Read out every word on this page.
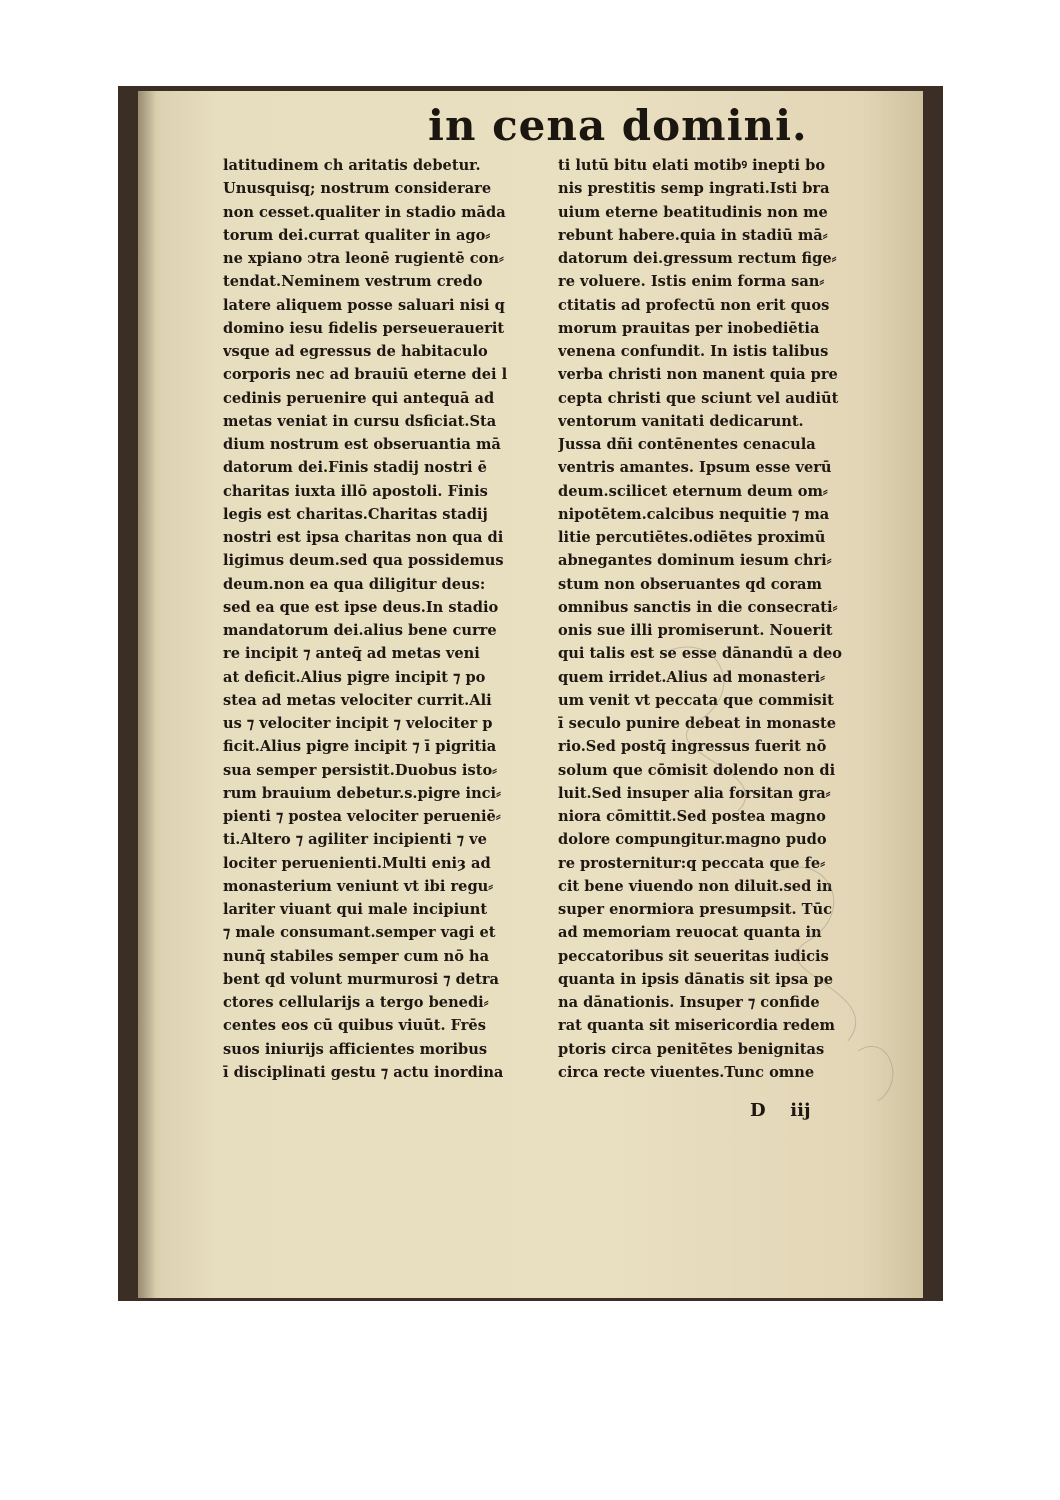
in cena domini.
latitudinem ch aritatis debetur.
Unusquisq; nostrum considerare
non cesset.qualiter in stadio māda
torum dei.currat qualiter in ago⸗
ne xpiano ↄtra leonē rugientē con⸗
tendat.Neminem vestrum credo
latere aliquem posse saluari nisi q
domino iesu fidelis perseuerauerit
vsque ad egressus de habitaculo
corporis nec ad brauiū eterne dei l
cedinis peruenire qui antequā ad
metas veniat in cursu dsficiat.Sta
dium nostrum est obseruantia mā
datorum dei.Finis stadij nostri ē
charitas iuxta illō apostoli. Finis
legis est charitas.Charitas stadij
nostri est ipsa charitas non qua di
ligimus deum.sed qua possidemus
deum.non ea qua diligitur deus:
sed ea que est ipse deus.In stadio
mandatorum dei.alius bene curre
re incipit ⁊ anteq̄ ad metas veni
at deficit.Alius pigre incipit ⁊ po
stea ad metas velociter currit.Ali
us ⁊ velociter incipit ⁊ velociter p
ficit.Alius pigre incipit ⁊ ī pigritia
sua semper persistit.Duobus isto⸗
rum brauium debetur.s.pigre inci⸗
pienti ⁊ postea velociter perueniē⸗
ti.Altero ⁊ agiliter incipienti ⁊ ve
lociter peruenienti.Multi eniȝ ad
monasterium veniunt vt ibi regu⸗
lariter viuant qui male incipiunt
⁊ male consumant.semper vagi et
nunq̄ stabiles semper cum nō ha
bent qd volunt murmurosi ⁊ detra
ctores cellularijs a tergo benedi⸗
centes eos cū quibus viuūt. Frēs
suos iniurijs afficientes moribus
ī disciplinati gestu ⁊ actu inordina
ti lutū bitu elati motibꝰ inepti bo
nis prestitis semp ingrati.Isti bra
uium eterne beatitudinis non me
rebunt habere.quia in stadiū mā⸗
datorum dei.gressum rectum fige⸗
re voluere. Istis enim forma san⸗
ctitatis ad profectū non erit quos
morum prauitas per inobediētia
venena confundit. In istis talibus
verba christi non manent quia pre
cepta christi que sciunt vel audiūt
ventorum vanitati dedicarunt.
Jussa dñi contēnentes cenacula
ventris amantes. Ipsum esse verū
deum.scilicet eternum deum om⸗
nipotētem.calcibus nequitie ⁊ ma
litie percutiētes.odiētes proximū
abnegantes dominum iesum chri⸗
stum non obseruantes qd coram
omnibus sanctis in die consecrati⸗
onis sue illi promiserunt. Nouerit
qui talis est se esse dānandū a deo
quem irridet.Alius ad monasteri⸗
um venit vt peccata que commisit
ī seculo punire debeat in monaste
rio.Sed postq̄ ingressus fuerit nō
solum que cōmisit dolendo non di
luit.Sed insuper alia forsitan gra⸗
niora cōmittit.Sed postea magno
dolore compungitur.magno pudo
re prosternitur:q peccata que fe⸗
cit bene viuendo non diluit.sed in
super enormiora presumpsit. Tūc
ad memoriam reuocat quanta in
peccatoribus sit seueritas iudicis
quanta in ipsis dānatis sit ipsa pe
na dānationis. Insuper ⁊ confide
rat quanta sit misericordia redem
ptoris circa penitētes benignitas
circa recte viuentes.Tunc omne
D iij
